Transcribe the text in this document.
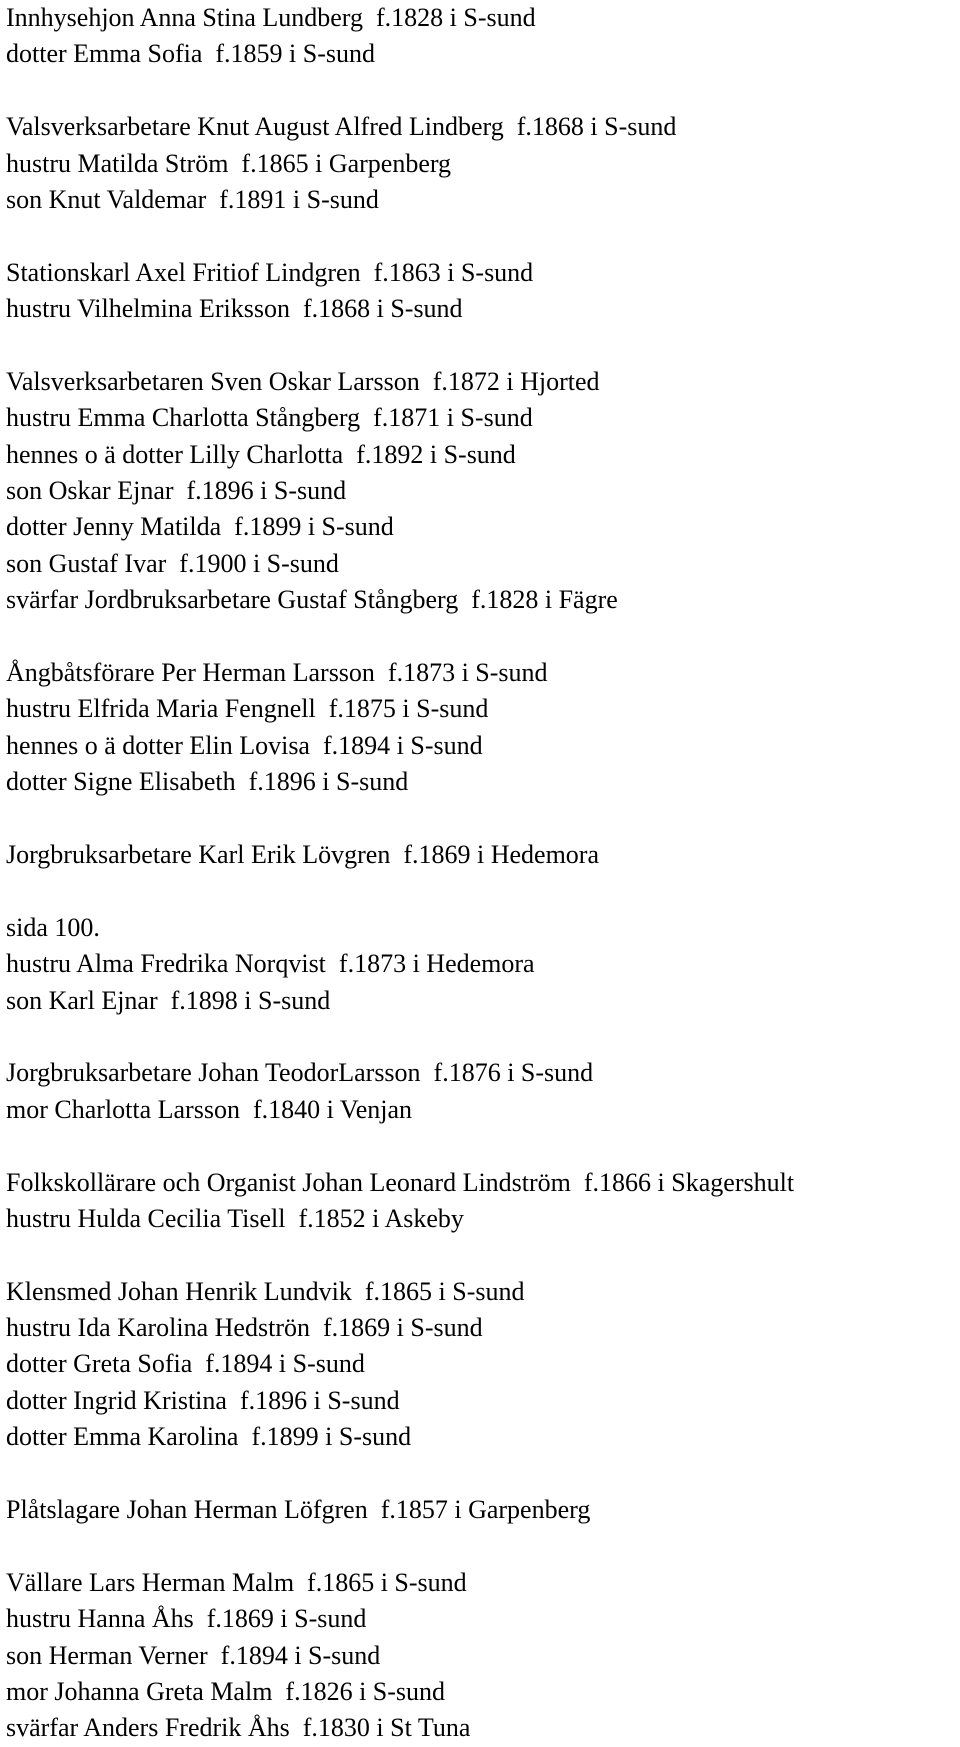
Innhysehjon Anna Stina Lundberg  f.1828 i S-sund
dotter Emma Sofia  f.1859 i S-sund
Valsverksarbetare Knut August Alfred Lindberg  f.1868 i S-sund
hustru Matilda Ström  f.1865 i Garpenberg
son Knut Valdemar  f.1891 i S-sund
Stationskarl Axel Fritiof Lindgren  f.1863 i S-sund
hustru Vilhelmina Eriksson  f.1868 i S-sund
Valsverksarbetaren Sven Oskar Larsson  f.1872 i Hjorted
hustru Emma Charlotta Stångberg  f.1871 i S-sund
hennes o ä dotter Lilly Charlotta  f.1892 i S-sund
son Oskar Ejnar  f.1896 i S-sund
dotter Jenny Matilda  f.1899 i S-sund
son Gustaf Ivar  f.1900 i S-sund
svärfar Jordbruksarbetare Gustaf Stångberg  f.1828 i Fägre
Ångbåtsförare Per Herman Larsson  f.1873 i S-sund
hustru Elfrida Maria Fengnell  f.1875 i S-sund
hennes o ä dotter Elin Lovisa  f.1894 i S-sund
dotter Signe Elisabeth  f.1896 i S-sund
Jorgbruksarbetare Karl Erik Lövgren  f.1869 i Hedemora
sida 100.
hustru Alma Fredrika Norqvist  f.1873 i Hedemora
son Karl Ejnar  f.1898 i S-sund
Jorgbruksarbetare Johan TeodorLarsson  f.1876 i S-sund
mor Charlotta Larsson  f.1840 i Venjan
Folkskollärare och Organist Johan Leonard Lindström  f.1866 i Skagershult
hustru Hulda Cecilia Tisell  f.1852 i Askeby
Klensmed Johan Henrik Lundvik  f.1865 i S-sund
hustru Ida Karolina Hedströn  f.1869 i S-sund
dotter Greta Sofia  f.1894 i S-sund
dotter Ingrid Kristina  f.1896 i S-sund
dotter Emma Karolina  f.1899 i S-sund
Plåtslagare Johan Herman Löfgren  f.1857 i Garpenberg
Vällare Lars Herman Malm  f.1865 i S-sund
hustru Hanna Åhs  f.1869 i S-sund
son Herman Verner  f.1894 i S-sund
mor Johanna Greta Malm  f.1826 i S-sund
svärfar Anders Fredrik Åhs  f.1830 i St Tuna
